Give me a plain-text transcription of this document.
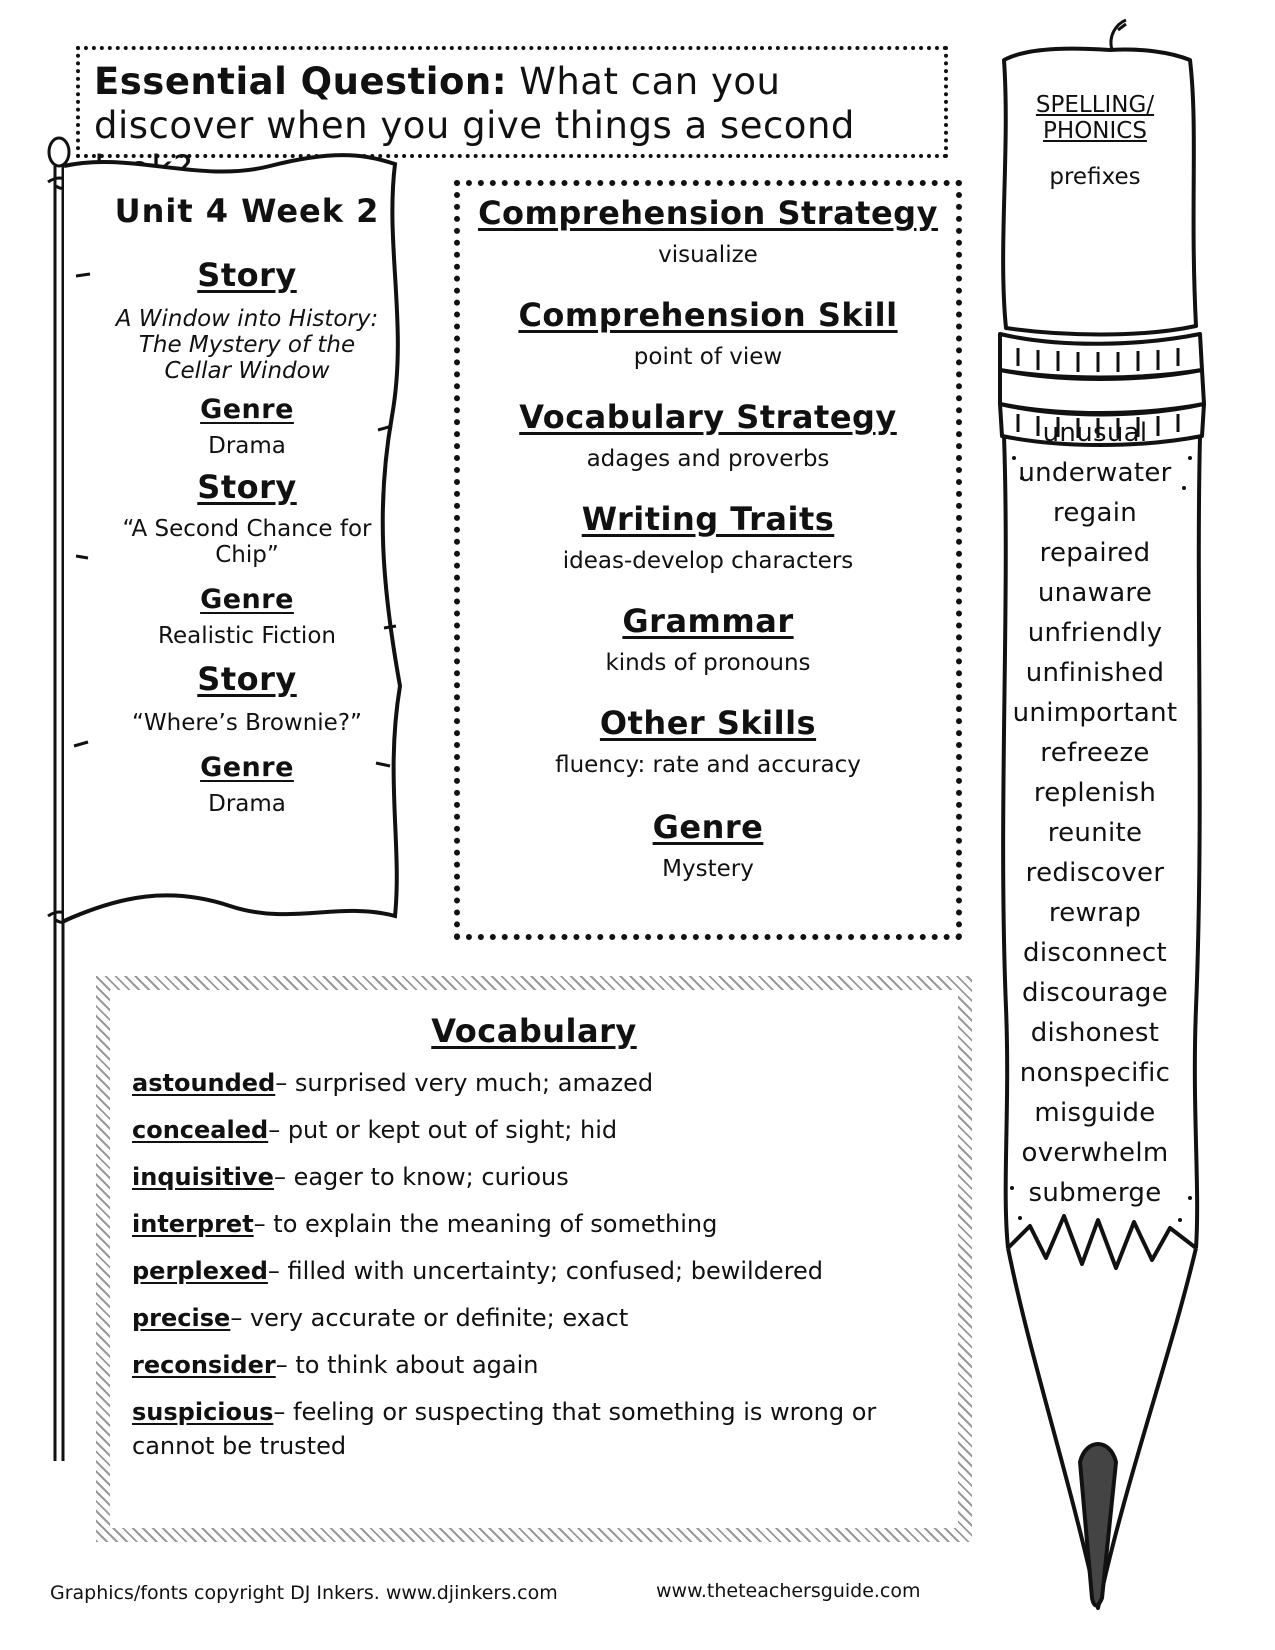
Essential Question: What can you discover when you give things a second
Unit 4 Week 2
Story
A Window into History: The Mystery of the Cellar Window
Genre
Drama
Story
“A Second Chance for Chip”
Genre
Realistic Fiction
Story
“Where’s Brownie?”
Genre
Drama
Comprehension Strategy
visualize
Comprehension Skill
point of view
Vocabulary Strategy
adages and proverbs
Writing Traits
ideas-develop characters
Grammar
kinds of pronouns
Other Skills
fluency: rate and accuracy
Genre
Mystery
Vocabulary
astounded– surprised very much; amazed
concealed– put or kept out of sight; hid
inquisitive– eager to know; curious
interpret– to explain the meaning of something
perplexed– filled with uncertainty; confused; bewildered
precise– very accurate or definite; exact
reconsider– to think about again
suspicious– feeling or suspecting that something is wrong or cannot be trusted
SPELLING/
PHONICS
prefixes
unusual
underwater
regain
repaired
unaware
unfriendly
unfinished
unimportant
refreeze
replenish
reunite
rediscover
rewrap
disconnect
discourage
dishonest
nonspecific
misguide
overwhelm
submerge
Graphics/fonts copyright DJ Inkers. www.djinkers.com	www.theteachersguide.com
